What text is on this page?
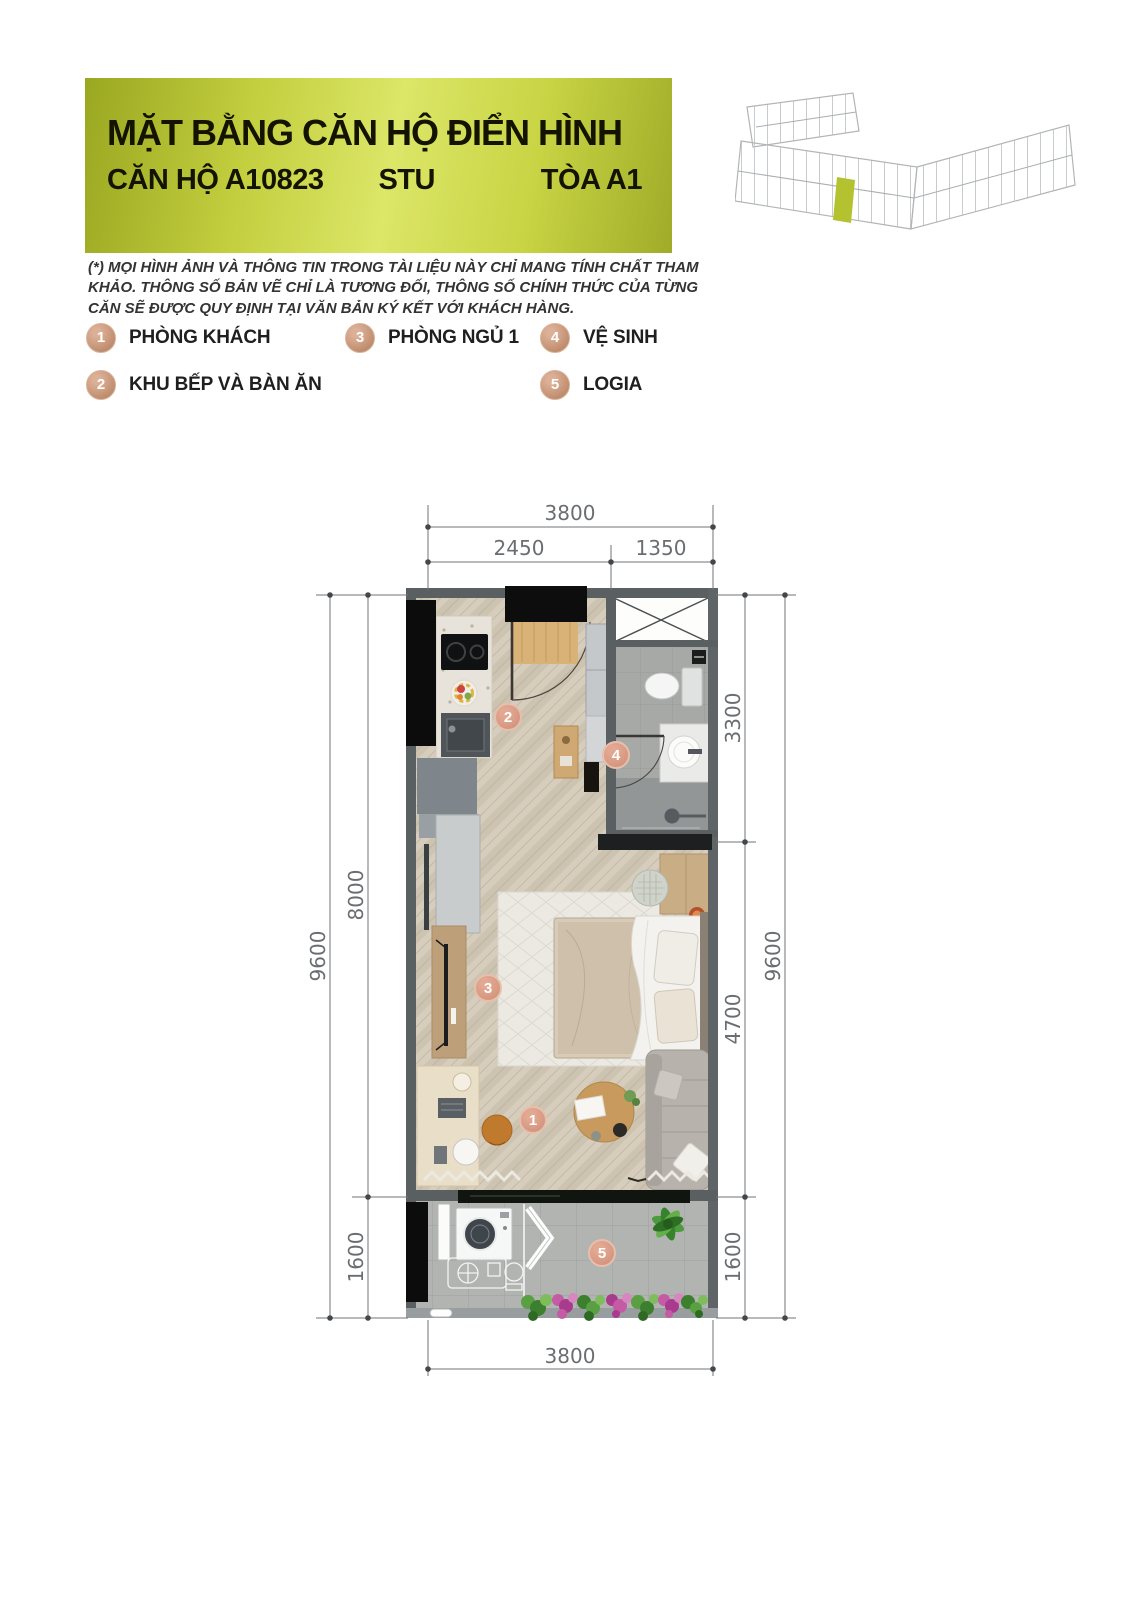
MẶT BẰNG CĂN HỘ ĐIỂN HÌNH
CĂN HỘ A10823 STU	TÒA A1
(*) MỌI HÌNH ẢNH VÀ THÔNG TIN TRONG TÀI LIỆU NÀY CHỈ MANG TÍNH CHẤT THAM KHẢO. THÔNG SỐ BẢN VẼ CHỈ LÀ TƯƠNG ĐỐI, THÔNG SỐ CHÍNH THỨC CỦA TỪNG CĂN SẼ ĐƯỢC QUY ĐỊNH TẠI VĂN BẢN KÝ KẾT VỚI KHÁCH HÀNG.
1	PHÒNG KHÁCH	3	PHÒNG NGỦ 1	4	VỆ SINH
2	KHU BẾP VÀ BÀN ĂN	5	LOGIA
1
2
3
4
5
3800
2450	1350
9600
8000
1600
3300
4700
1600
9600
3800
